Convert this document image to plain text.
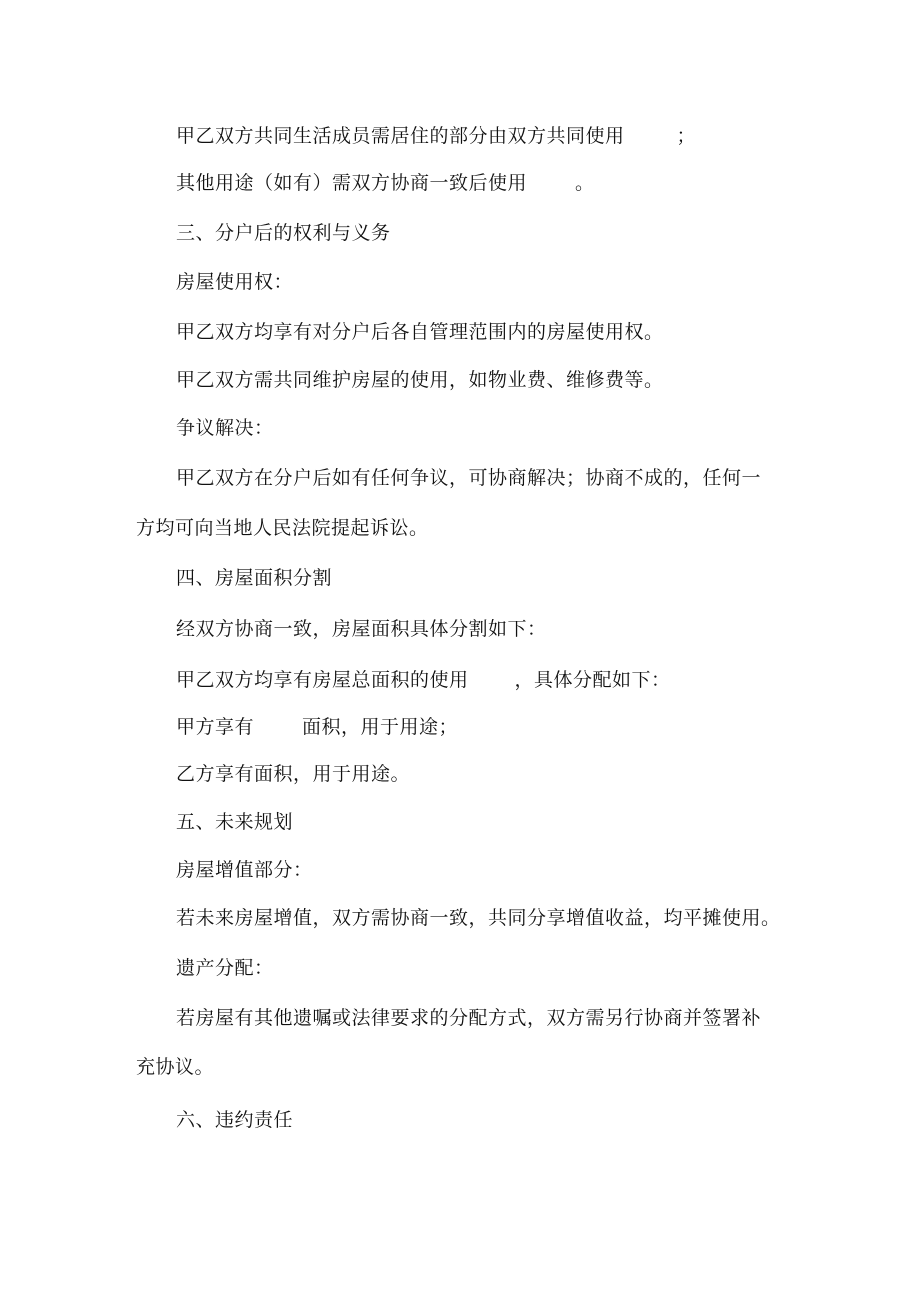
甲乙双方共同生活成员需居住的部分由双方共同使用	；
其他用途（如有）需双方协商一致后使用	。
三、分户后的权利与义务
房屋使用权：
甲乙双方均享有对分户后各自管理范围内的房屋使用权。
甲乙双方需共同维护房屋的使用，如物业费、维修费等。
争议解决：
甲乙双方在分户后如有任何争议，可协商解决；协商不成的，任何一
方均可向当地人民法院提起诉讼。
四、房屋面积分割
经双方协商一致，房屋面积具体分割如下：
甲乙双方均享有房屋总面积的使用 ，具体分配如下：
甲方享有	面积，用于用途；
乙方享有面积，用于用途。
五、未来规划
房屋增值部分：
若未来房屋增值，双方需协商一致，共同分享增值收益，均平摊使用。
遗产分配：
若房屋有其他遗嘱或法律要求的分配方式，双方需另行协商并签署补
充协议。
六、违约责任
